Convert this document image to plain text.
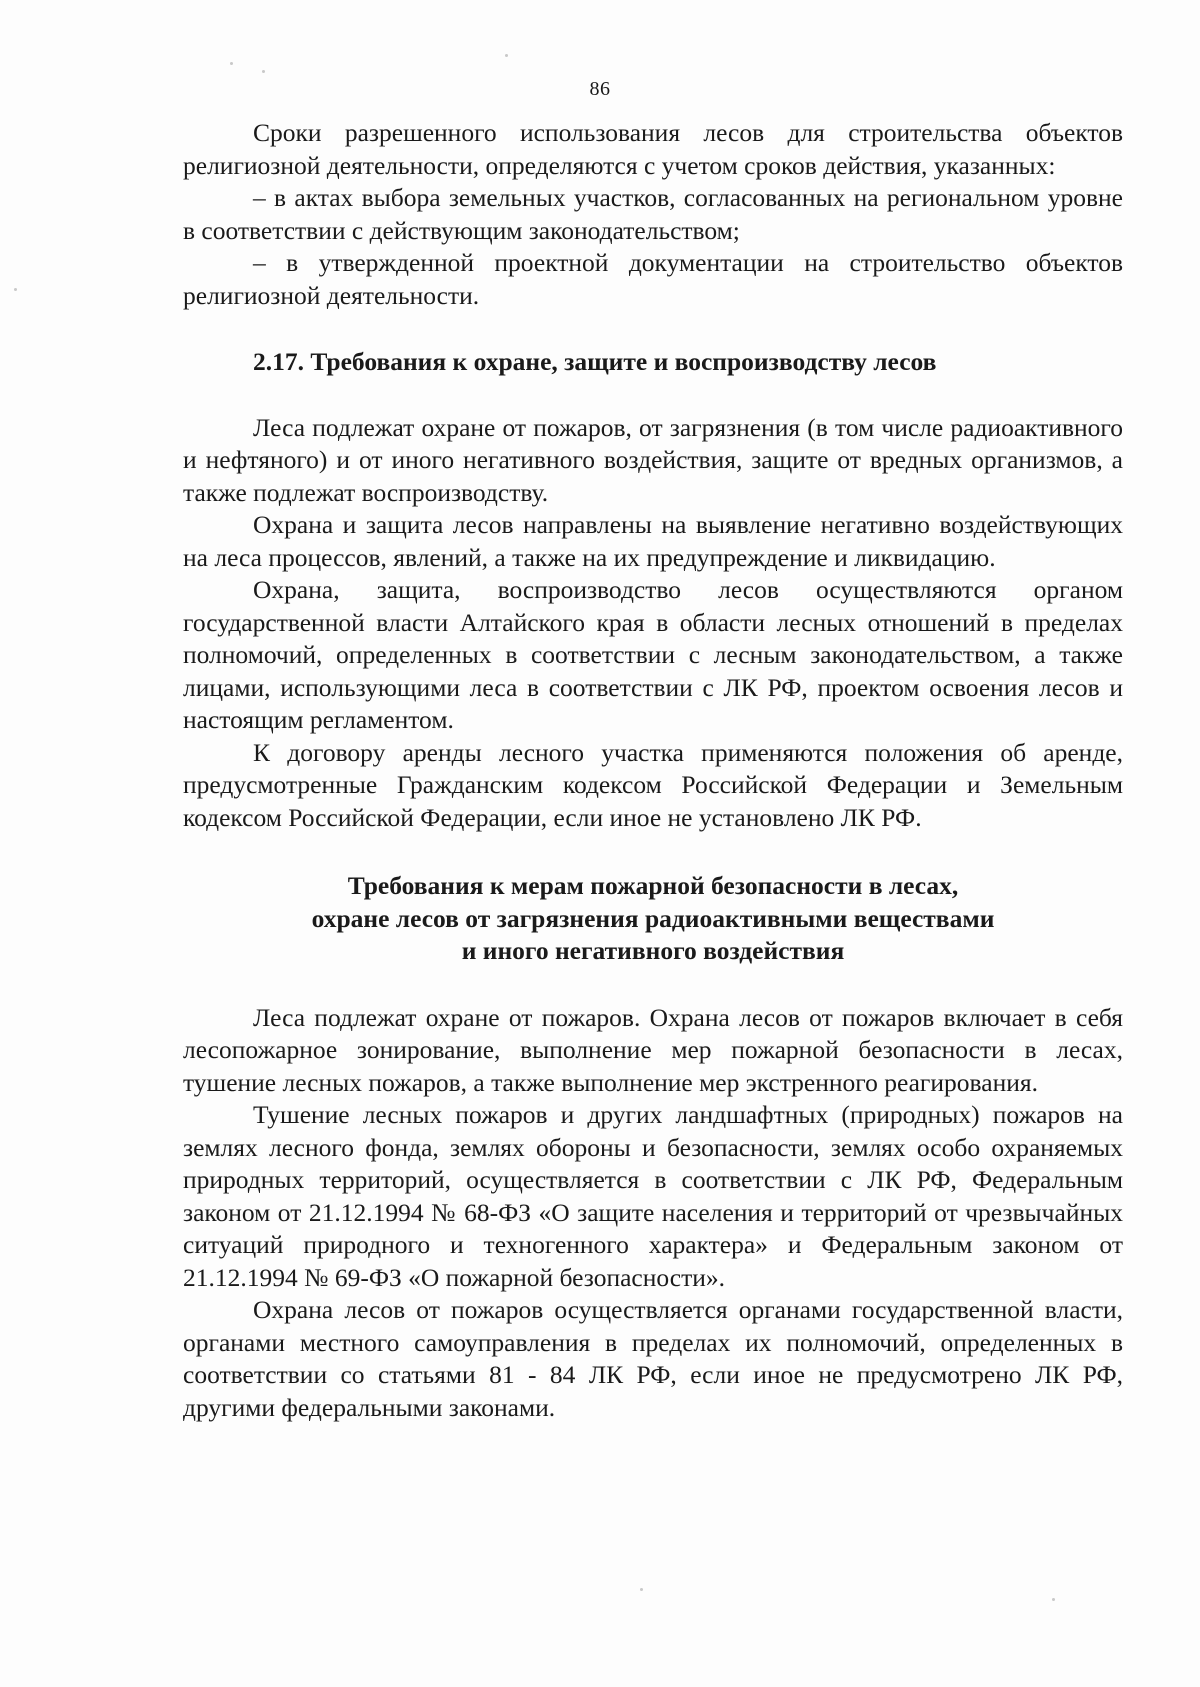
86

Сроки разрешенного использования лесов для строительства объектов религиозной деятельности, определяются с учетом сроков действия, указанных:

– в актах выбора земельных участков, согласованных на региональном уровне в соответствии с действующим законодательством;

– в утвержденной проектной документации на строительство объектов религиозной деятельности.

2.17. Требования к охране, защите и воспроизводству лесов

Леса подлежат охране от пожаров, от загрязнения (в том числе радиоактивного и нефтяного) и от иного негативного воздействия, защите от вредных организмов, а также подлежат воспроизводству.

Охрана и защита лесов направлены на выявление негативно воздействующих на леса процессов, явлений, а также на их предупреждение и ликвидацию.

Охрана, защита, воспроизводство лесов осуществляются органом государственной власти Алтайского края в области лесных отношений в пределах полномочий, определенных в соответствии с лесным законодательством, а также лицами, использующими леса в соответствии с ЛК РФ, проектом освоения лесов и настоящим регламентом.

К договору аренды лесного участка применяются положения об аренде, предусмотренные Гражданским кодексом Российской Федерации и Земельным кодексом Российской Федерации, если иное не установлено ЛК РФ.

Требования к мерам пожарной безопасности в лесах,
охране лесов от загрязнения радиоактивными веществами
и иного негативного воздействия

Леса подлежат охране от пожаров. Охрана лесов от пожаров включает в себя лесопожарное зонирование, выполнение мер пожарной безопасности в лесах, тушение лесных пожаров, а также выполнение мер экстренного реагирования.

Тушение лесных пожаров и других ландшафтных (природных) пожаров на землях лесного фонда, землях обороны и безопасности, землях особо охраняемых природных территорий, осуществляется в соответствии с ЛК РФ, Федеральным законом от 21.12.1994 № 68-ФЗ «О защите населения и территорий от чрезвычайных ситуаций природного и техногенного характера» и Федеральным законом от 21.12.1994 № 69-ФЗ «О пожарной безопасности».

Охрана лесов от пожаров осуществляется органами государственной власти, органами местного самоуправления в пределах их полномочий, определенных в соответствии со статьями 81 - 84 ЛК РФ, если иное не предусмотрено ЛК РФ, другими федеральными законами.
